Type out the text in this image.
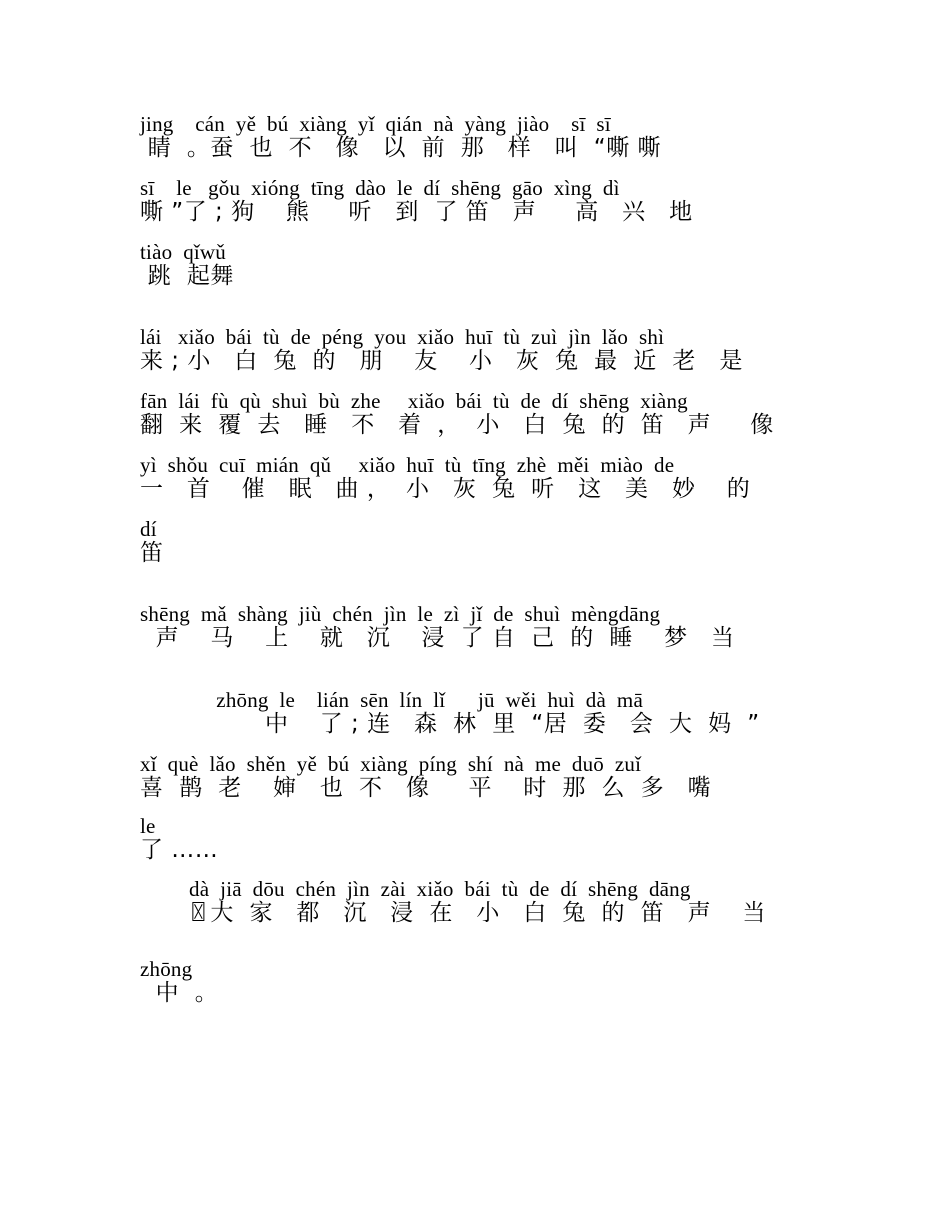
jing    cán  yě  bú  xiàng  yǐ  qián  nà  yàng  jiào    sī  sī
睛  。蚕  也  不   像   以  前  那   样   叫  “嘶 嘶
sī    le   gǒu  xióng  tīng  dào  le  dí  shēng  gāo  xìng  dì
嘶 ”了 ; 狗    熊     听   到  了 笛   声     高   兴   地
tiào  qǐwǔ
跳  起舞
lái   xiǎo  bái  tù  de  péng  you  xiǎo  huī  tù  zuì  jìn  lǎo  shì
来 ; 小   白  兔  的   朋    友    小   灰  兔  最  近  老   是
fān  lái  fù  qù  shuì  bù  zhe     xiǎo  bái  tù  de  dí  shēng  xiàng
翻  来  覆  去   睡   不   着  ，  小   白  兔  的  笛   声     像
yì  shǒu  cuī  mián  qǔ     xiǎo  huī  tù  tīng  zhè  měi  miào  de
一   首    催   眠   曲 ，  小   灰  兔  听   这   美   妙    的
dí
笛
shēng  mǎ  shàng  jiù  chén  jìn  le  zì  jǐ  de  shuì  mèngdāng
声    马    上    就   沉    浸  了 自  己  的  睡    梦   当
zhōng  le    lián  sēn  lín  lǐ      jū  wěi  huì  dà  mā
中    了 ; 连   森  林  里  “居  委   会  大  妈  ”
xǐ  què  lǎo  shěn  yě  bú  xiàng  píng  shí  nà  me  duō  zuǐ
喜  鹊  老    婶   也  不   像     平    时  那  么  多   嘴
le
了 ……
dà  jiā  dōu  chén  jìn  zài  xiǎo  bái  tù  de  dí  shēng  dāng
〿大  家   都   沉   浸  在   小   白  兔  的  笛   声    当
zhōng
中  。
